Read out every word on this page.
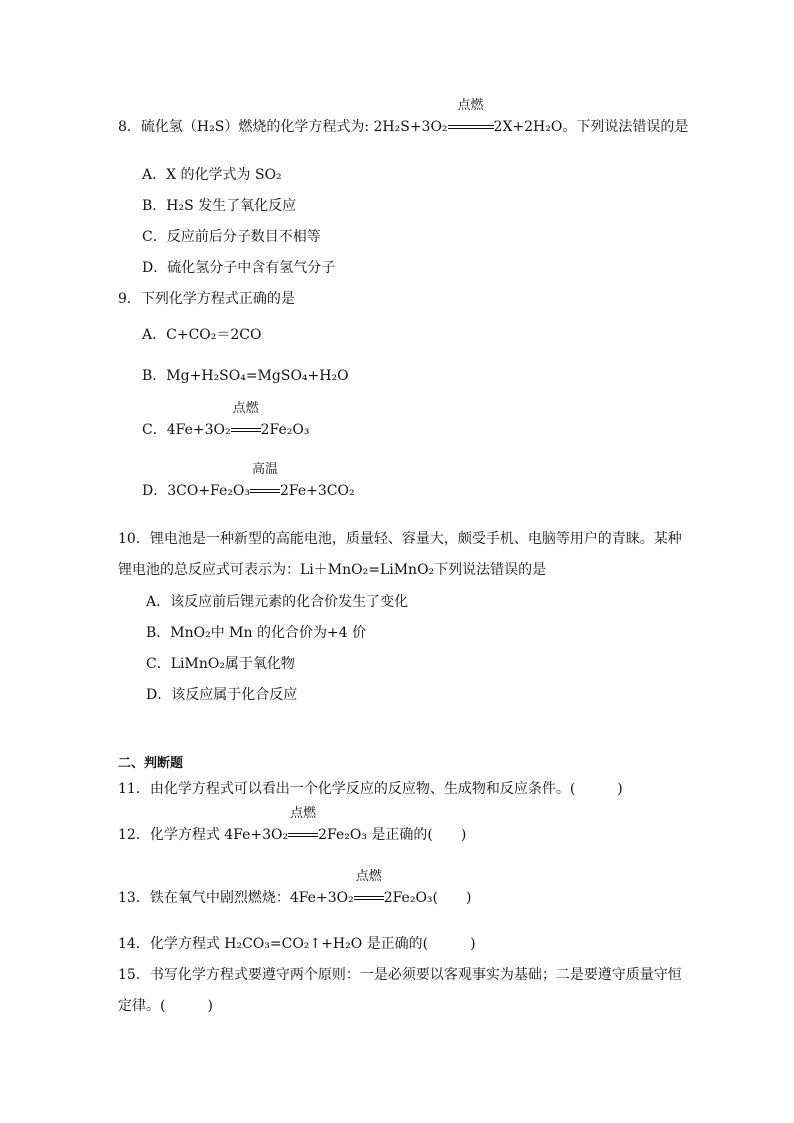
8．硫化氢（H₂S）燃烧的化学方程式为: 2H₂S+3O₂
点燃
2X+2H₂O。下列说法错误的是
A．X 的化学式为 SO₂
B．H₂S 发生了氧化反应
C．反应前后分子数目不相等
D．硫化氢分子中含有氢气分子
9．下列化学方程式正确的是
A．C+CO₂＝2CO
B．Mg+H₂SO₄=MgSO₄+H₂O
C．4Fe+3O₂
点燃
2Fe₂O₃
D．3CO+Fe₂O₃
高温
2Fe+3CO₂
10．锂电池是一种新型的高能电池，质量轻、容量大，颇受手机、电脑等用户的青睐。某种
锂电池的总反应式可表示为：Li＋MnO₂=LiMnO₂下列说法错误的是
A．该反应前后锂元素的化合价发生了变化
B．MnO₂中 Mn 的化合价为+4 价
C．LiMnO₂属于氧化物
D．该反应属于化合反应
二、判断题
11．由化学方程式可以看出一个化学反应的反应物、生成物和反应条件。(　　　)
12．化学方程式 4Fe+3O₂
点燃
2Fe₂O₃ 是正确的(　　)
13．铁在氧气中剧烈燃烧：4Fe+3O₂
点燃
2Fe₂O₃(　　)
14．化学方程式 H₂CO₃=CO₂↑+H₂O 是正确的(　　　)
15．书写化学方程式要遵守两个原则：一是必须要以客观事实为基础；二是要遵守质量守恒
定律。(　　　)
